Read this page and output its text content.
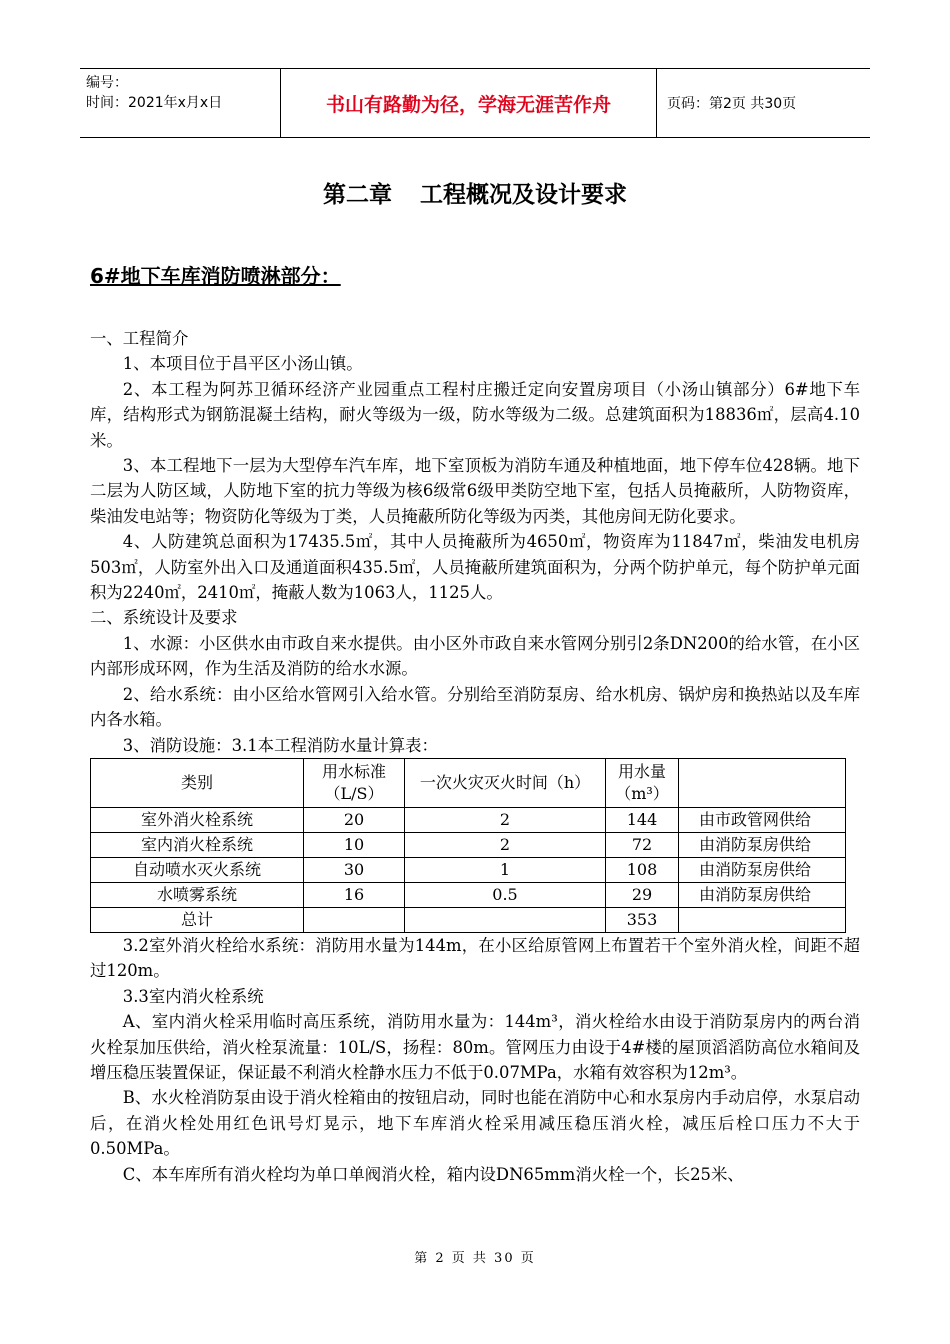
编号：
时间：2021年x月x日	书山有路勤为径，学海无涯苦作舟	页码：第2页 共30页
第二章 工程概况及设计要求
6#地下车库消防喷淋部分：

一、工程简介

1、本项目位于昌平区小汤山镇。

2、本工程为阿苏卫循环经济产业园重点工程村庄搬迁定向安置房项目（小汤山镇部分）6#地下车库，结构形式为钢筋混凝土结构，耐火等级为一级，防水等级为二级。总建筑面积为18836㎡，层高4.10米。

3、本工程地下一层为大型停车汽车库，地下室顶板为消防车通及种植地面，地下停车位428辆。地下二层为人防区域，人防地下室的抗力等级为核6级常6级甲类防空地下室，包括人员掩蔽所，人防物资库，柴油发电站等；物资防化等级为丁类，人员掩蔽所防化等级为丙类，其他房间无防化要求。

4、人防建筑总面积为17435.5㎡，其中人员掩蔽所为4650㎡，物资库为11847㎡，柴油发电机房503㎡，人防室外出入口及通道面积435.5㎡，人员掩蔽所建筑面积为，分两个防护单元，每个防护单元面积为2240㎡，2410㎡，掩蔽人数为1063人，1125人。

二、系统设计及要求

1、水源：小区供水由市政自来水提供。由小区外市政自来水管网分别引2条DN200的给水管，在小区内部形成环网，作为生活及消防的给水水源。

2、给水系统：由小区给水管网引入给水管。分别给至消防泵房、给水机房、锅炉房和换热站以及车库内各水箱。

3、消防设施：3.1本工程消防水量计算表：

类别	用水标准（L/S）	一次火灾灭火时间（h）	用水量（m³）	
室外消火栓系统	20	2	144	由市政管网供给
室内消火栓系统	10	2	72	由消防泵房供给
自动喷水灭火系统	30	1	108	由消防泵房供给
水喷雾系统	16	0.5	29	由消防泵房供给
总计			353	

3.2室外消火栓给水系统：消防用水量为144m，在小区给原管网上布置若干个室外消火栓，间距不超过120m。

3.3室内消火栓系统

A、室内消火栓采用临时高压系统，消防用水量为：144m³，消火栓给水由设于消防泵房内的两台消火栓泵加压供给，消火栓泵流量：10L/S，扬程：80m。管网压力由设于4#楼的屋顶滔滔防高位水箱间及增压稳压装置保证，保证最不利消火栓静水压力不低于0.07MPa，水箱有效容积为12m³。

B、水火栓消防泵由设于消火栓箱由的按钮启动，同时也能在消防中心和水泵房内手动启停，水泵启动后，在消火栓处用红色讯号灯晃示，地下车库消火栓采用减压稳压消火栓，减压后栓口压力不大于0.50MPa。

C、本车库所有消火栓均为单口单阀消火栓，箱内设DN65mm消火栓一个，长25米、

第 2 页 共 30 页
